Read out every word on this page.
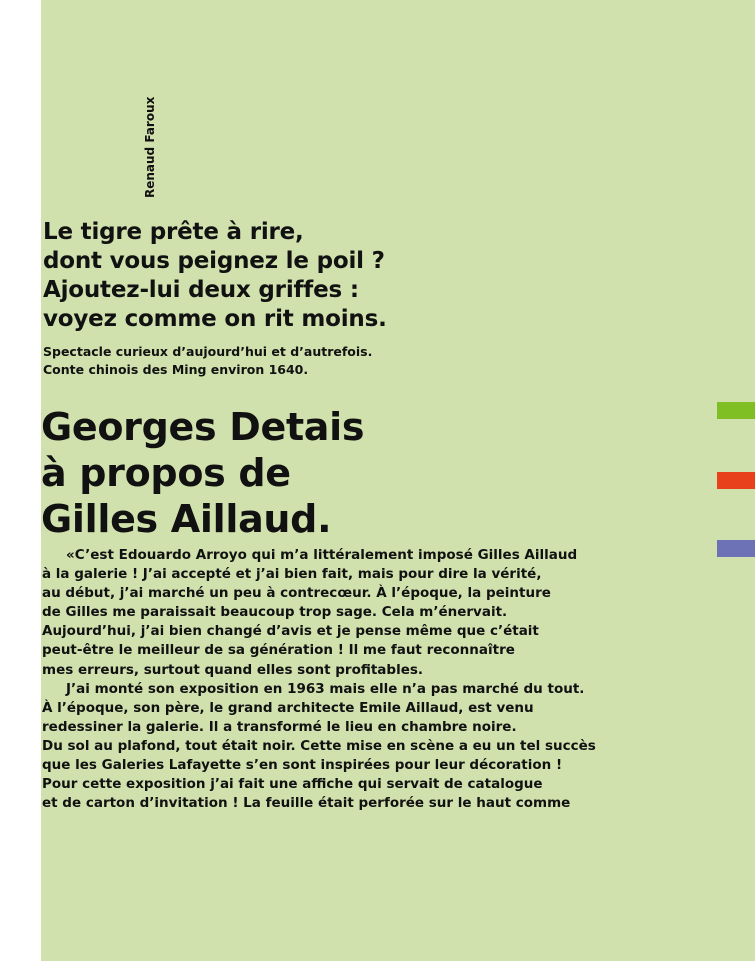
Renaud Faroux
Le tigre prête à rire,
dont vous peignez le poil ?
Ajoutez-lui deux griffes :
voyez comme on rit moins.
Spectacle curieux d’aujourd’hui et d’autrefois.
Conte chinois des Ming environ 1640.
Georges Detais
à propos de
Gilles Aillaud.
«C’est Edouardo Arroyo qui m’a littéralement imposé Gilles Aillaud
à la galerie ! J’ai accepté et j’ai bien fait, mais pour dire la vérité,
au début, j’ai marché un peu à contrecœur. À l’époque, la peinture
de Gilles me paraissait beaucoup trop sage. Cela m’énervait.
Aujourd’hui, j’ai bien changé d’avis et je pense même que c’était
peut-être le meilleur de sa génération ! Il me faut reconnaître
mes erreurs, surtout quand elles sont profitables.
J’ai monté son exposition en 1963 mais elle n’a pas marché du tout.
À l’époque, son père, le grand architecte Emile Aillaud, est venu
redessiner la galerie. Il a transformé le lieu en chambre noire.
Du sol au plafond, tout était noir. Cette mise en scène a eu un tel succès
que les Galeries Lafayette s’en sont inspirées pour leur décoration !
Pour cette exposition j’ai fait une affiche qui servait de catalogue
et de carton d’invitation ! La feuille était perforée sur le haut comme
